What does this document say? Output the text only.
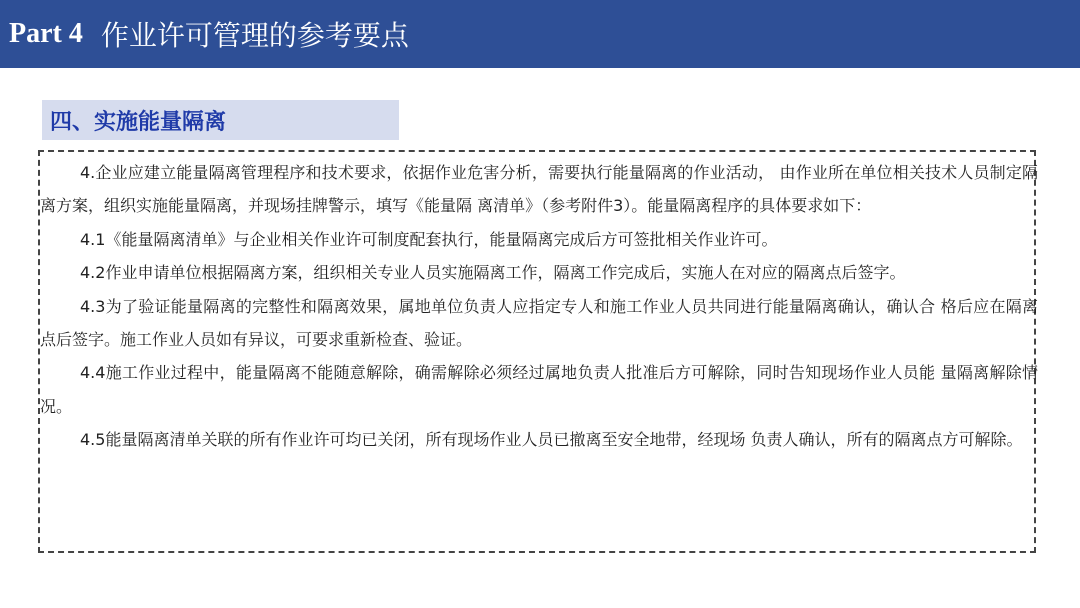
Part 4 作业许可管理的参考要点
四、实施能量隔离

4.企业应建立能量隔离管理程序和技术要求，依据作业危害分析，需要执行能量隔离的作业活动， 由作业所在单位相关技术人员制定隔离方案，组织实施能量隔离，并现场挂牌警示，填写《能量隔 离清单》（参考附件3）。能量隔离程序的具体要求如下：

4.1《能量隔离清单》与企业相关作业许可制度配套执行，能量隔离完成后方可签批相关作业许可。

4.2作业申请单位根据隔离方案，组织相关专业人员实施隔离工作，隔离工作完成后，实施人在对应的隔离点后签字。

4.3为了验证能量隔离的完整性和隔离效果，属地单位负责人应指定专人和施工作业人员共同进行能量隔离确认，确认合 格后应在隔离点后签字。施工作业人员如有异议，可要求重新检查、验证。

4.4施工作业过程中，能量隔离不能随意解除，确需解除必须经过属地负责人批准后方可解除，同时告知现场作业人员能 量隔离解除情况。

4.5能量隔离清单关联的所有作业许可均已关闭，所有现场作业人员已撤离至安全地带，经现场 负责人确认，所有的隔离点方可解除。
